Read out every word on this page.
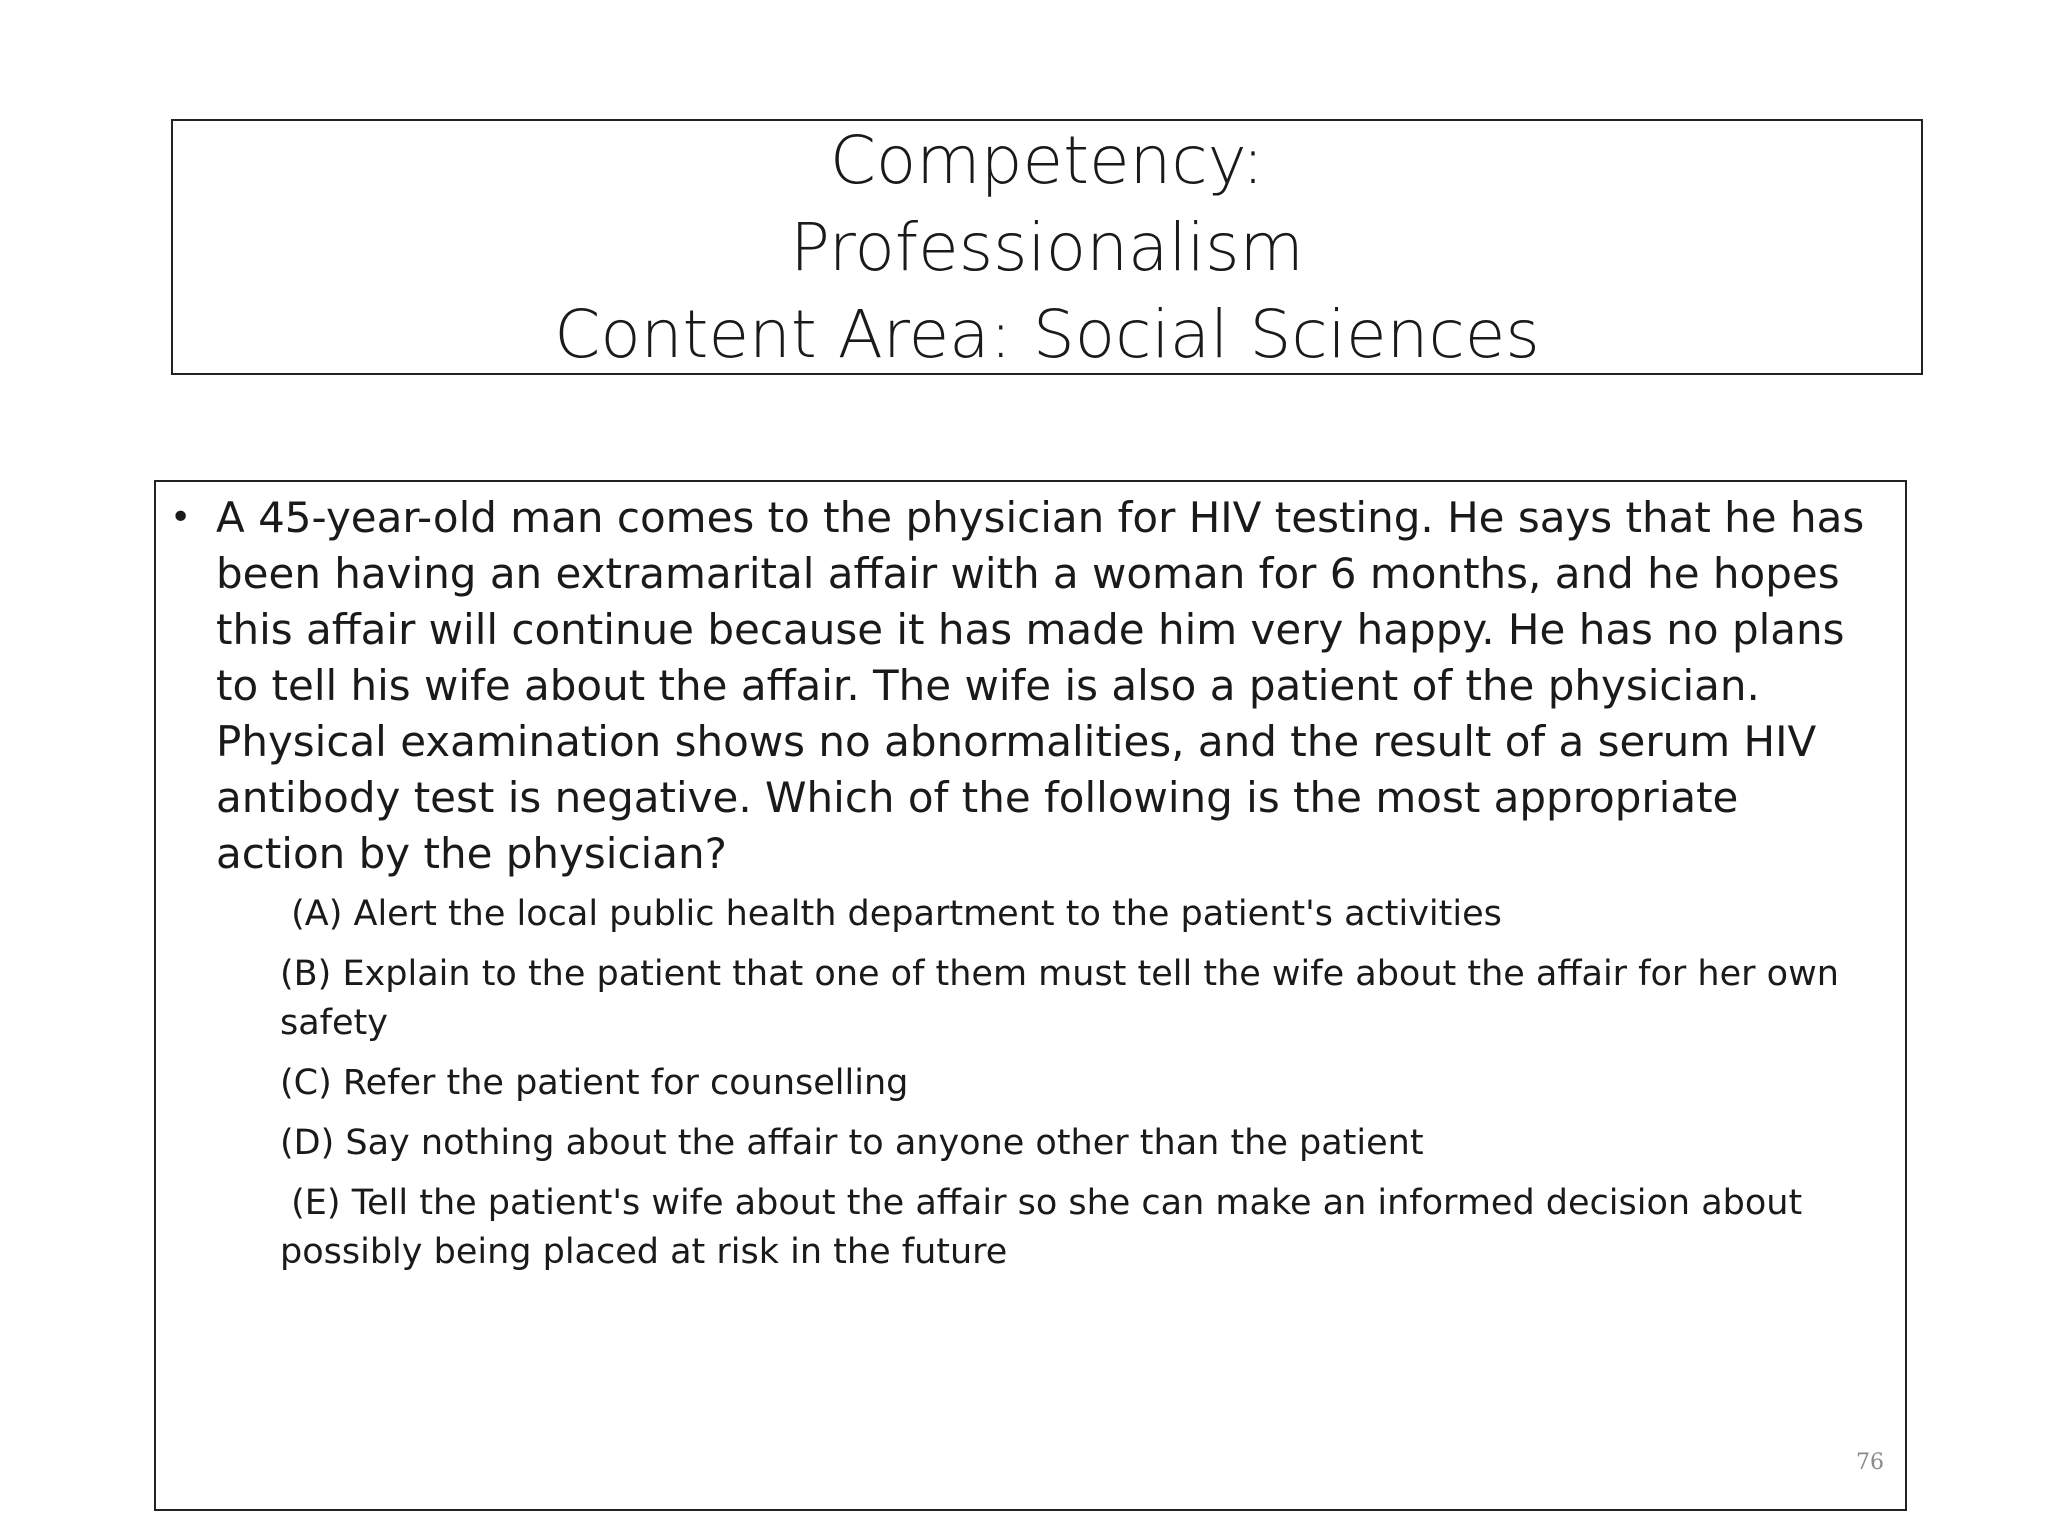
Competency:
Professionalism
Content Area: Social Sciences

• A 45-year-old man comes to the physician for HIV testing. He says that he has been having an extramarital affair with a woman for 6 months, and he hopes this affair will continue because it has made him very happy. He has no plans to tell his wife about the affair. The wife is also a patient of the physician. Physical examination shows no abnormalities, and the result of a serum HIV antibody test is negative. Which of the following is the most appropriate action by the physician?

(A) Alert the local public health department to the patient's activities

(B) Explain to the patient that one of them must tell the wife about the affair for her own safety

(C) Refer the patient for counselling

(D) Say nothing about the affair to anyone other than the patient

(E) Tell the patient's wife about the affair so she can make an informed decision about possibly being placed at risk in the future

76
